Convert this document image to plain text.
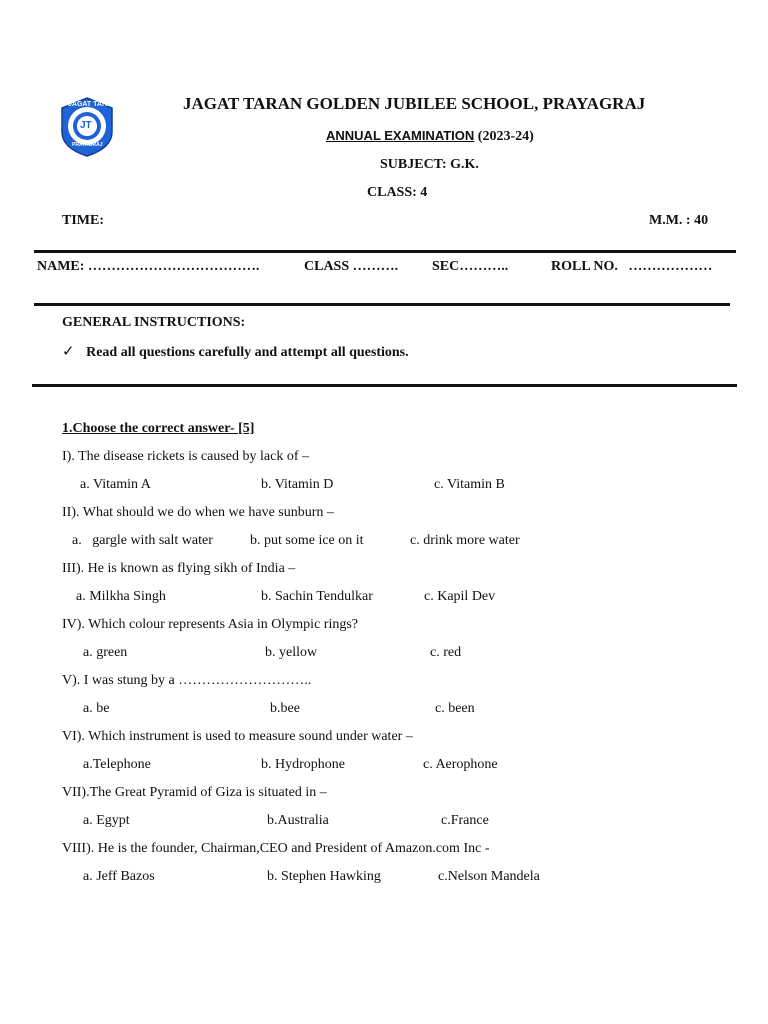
JAGAT TARAN
JT
PRAYAGRAJ
JAGAT TARAN GOLDEN JUBILEE SCHOOL, PRAYAGRAJ
ANNUAL EXAMINATION (2023-24)
SUBJECT: G.K.
CLASS: 4
TIME:	M.M. : 40
NAME: ……………………………….	CLASS ………. SEC………..	ROLL NO.   ………………
GENERAL INSTRUCTIONS:
✓ Read all questions carefully and attempt all questions.
1.Choose the correct answer- [5]
I). The disease rickets is caused by lack of –
a. Vitamin A	b. Vitamin D	c. Vitamin B
II). What should we do when we have sunburn –
a.   gargle with salt water	b. put some ice on it	c. drink more water
III). He is known as flying sikh of India –
a. Milkha Singh	b. Sachin Tendulkar	c. Kapil Dev
IV). Which colour represents Asia in Olympic rings?
a. green	b. yellow	c. red
V). I was stung by a ………………………..
a. be	b.bee	c. been
VI). Which instrument is used to measure sound under water –
a.Telephone	b. Hydrophone	c. Aerophone
VII).The Great Pyramid of Giza is situated in –
a. Egypt	b.Australia	c.France
VIII). He is the founder, Chairman,CEO and President of Amazon.com Inc -
a. Jeff Bazos	b. Stephen Hawking	c.Nelson Mandela
